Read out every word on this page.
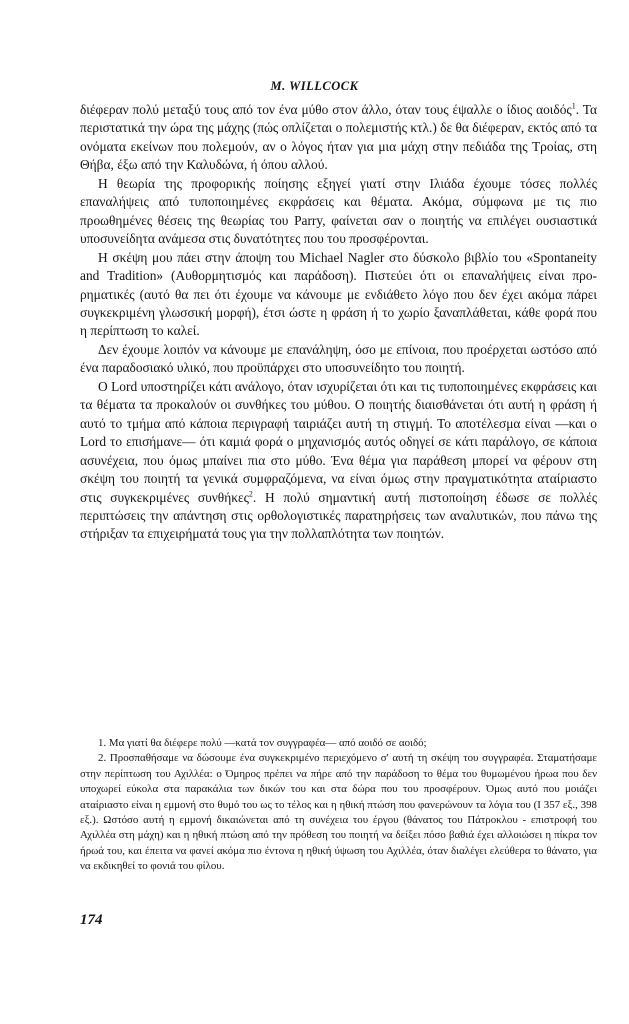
M. WILLCOCK

διέφεραν πολύ μεταξύ τους από τον ένα μύθο στον άλλο, όταν τους έψαλλε ο ίδιος αοιδός$^1$. Τα περιστατικά την ώρα της μάχης (πώς οπλίζεται ο πολεμιστής κτλ.) δε θα διέφεραν, εκτός από τα ονόματα εκείνων που πολεμούν, αν ο λόγος ήταν για μια μάχη στην πεδιάδα της Τροίας, στη Θήβα, έξω από την Καλυδώνα, ή όπου αλλού.

Η θεωρία της προφορικής ποίησης εξηγεί γιατί στην Ιλιάδα έχουμε τόσες πολλές επαναλήψεις από τυποποιημένες εκφράσεις και θέματα. Ακόμα, σύμφωνα με τις πιο προωθημένες θέσεις της θεωρίας του Parry, φαίνεται σαν ο ποιητής να επιλέγει ουσιαστικά υποσυνείδητα ανάμεσα στις δυνατότητες που του προσφέρονται.

Η σκέψη μου πάει στην άποψη του Michael Nagler στο δύσκολο βιβλίο του «Spontaneity and Tradition» (Αυθορμητισμός και παράδοση). Πιστεύει ότι οι επαναλήψεις είναι προ-ρηματικές (αυτό θα πει ότι έχουμε να κάνουμε με ενδιάθετο λόγο που δεν έχει ακόμα πάρει συγκεκριμένη γλωσσική μορφή), έτσι ώστε η φράση ή το χωρίο ξαναπλάθεται, κάθε φορά που η περίπτωση το καλεί.

Δεν έχουμε λοιπόν να κάνουμε με επανάληψη, όσο με επίνοια, που προέρχεται ωστόσο από ένα παραδοσιακό υλικό, που προϋπάρχει στο υποσυνείδητο του ποιητή.

Ο Lord υποστηρίζει κάτι ανάλογο, όταν ισχυρίζεται ότι και τις τυποποιημένες εκφράσεις και τα θέματα τα προκαλούν οι συνθήκες του μύθου. Ο ποιητής διαισθάνεται ότι αυτή η φράση ή αυτό το τμήμα από κάποια περιγραφή ταιριάζει αυτή τη στιγμή. Το αποτέλεσμα είναι —και ο Lord το επισήμανε— ότι καμιά φορά ο μηχανισμός αυτός οδηγεί σε κάτι παράλογο, σε κάποια ασυνέχεια, που όμως μπαίνει πια στο μύθο. Ένα θέμα για παράθεση μπορεί να φέρουν στη σκέψη του ποιητή τα γενικά συμφραζόμενα, να είναι όμως στην πραγματικότητα αταίριαστο στις συγκεκριμένες συνθήκες$^2$. Η πολύ σημαντική αυτή πιστοποίηση έδωσε σε πολλές περιπτώσεις την απάντηση στις ορθολογιστικές παρατηρήσεις των αναλυτικών, που πάνω της στήριξαν τα επιχειρήματά τους για την πολλαπλότητα των ποιητών.

1. Μα γιατί θα διέφερε πολύ —κατά τον συγγραφέα— από αοιδό σε αοιδό;

2. Προσπαθήσαμε να δώσουμε ένα συγκεκριμένο περιεχόμενο σ' αυτή τη σκέψη του συγγραφέα. Σταματήσαμε στην περίπτωση του Αχιλλέα: ο Όμηρος πρέπει να πήρε από την παράδοση το θέμα του θυμωμένου ήρωα που δεν υποχωρεί εύκολα στα παρακάλια των δικών του και στα δώρα που του προσφέρουν. Όμως αυτό που μοιάζει αταίριαστο είναι η εμμονή στο θυμό του ως το τέλος και η ηθική πτώση που φανερώνουν τα λόγια του (Ι 357 εξ., 398 εξ.). Ωστόσο αυτή η εμμονή δικαιώνεται από τη συνέχεια του έργου (θάνατος του Πάτροκλου - επιστροφή του Αχιλλέα στη μάχη) και η ηθική πτώση από την πρόθεση του ποιητή να δείξει πόσο βαθιά έχει αλλοιώσει η πίκρα τον ήρωά του, και έπειτα να φανεί ακόμα πιο έντονα η ηθική ύψωση του Αχιλλέα, όταν διαλέγει ελεύθερα το θάνατο, για να εκδικηθεί το φονιά του φίλου.

174
